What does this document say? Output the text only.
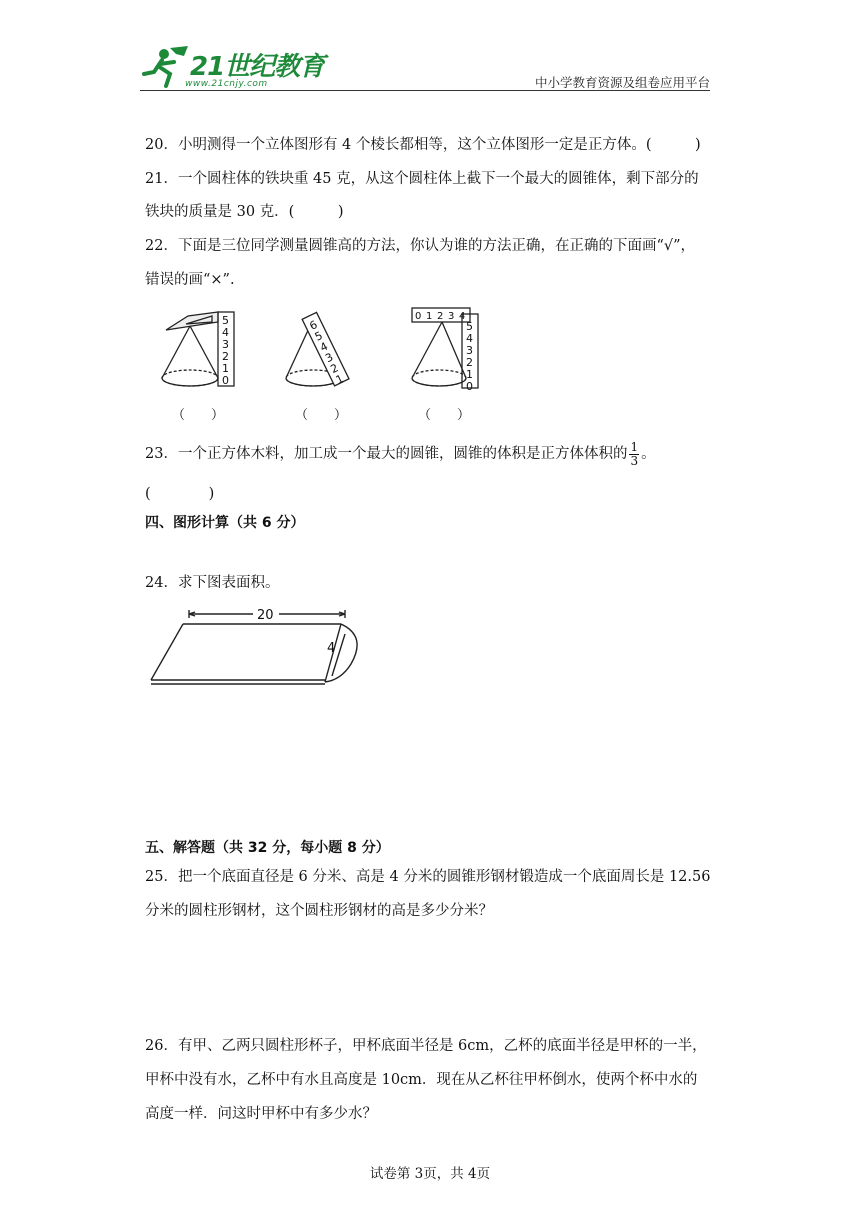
21世纪教育
www.21cnjy.com	中小学教育资源及组卷应用平台
20．小明测得一个立体图形有 4 个棱长都相等，这个立体图形一定是正方体。(　　　)
21．一个圆柱体的铁块重 45 克，从这个圆柱体上截下一个最大的圆锥体，剩下部分的
铁块的质量是 30 克．(　　　)
22．下面是三位同学测量圆锥高的方法，你认为谁的方法正确，在正确的下面画“√”，
错误的画“×”.
5
4
3
2
1
0
6
5
4
3
2
1
0 1 2 3 4
5
4
3
2
1
0
（　　）	（　　）	（　　）
23．一个正方体木料，加工成一个最大的圆锥，圆锥的体积是正方体体积的 $\frac{1}{3}$ 。
(　　　　)
四、图形计算（共 6 分）
24．求下图表面积。
20
4
五、解答题（共 32 分，每小题 8 分）
25．把一个底面直径是 6 分米、高是 4 分米的圆锥形钢材锻造成一个底面周长是 12.56
分米的圆柱形钢材，这个圆柱形钢材的高是多少分米？
26．有甲、乙两只圆柱形杯子，甲杯底面半径是 6cm，乙杯的底面半径是甲杯的一半，
甲杯中没有水，乙杯中有水且高度是 10cm．现在从乙杯往甲杯倒水，使两个杯中水的
高度一样．问这时甲杯中有多少水？
试卷第 3页，共 4页
